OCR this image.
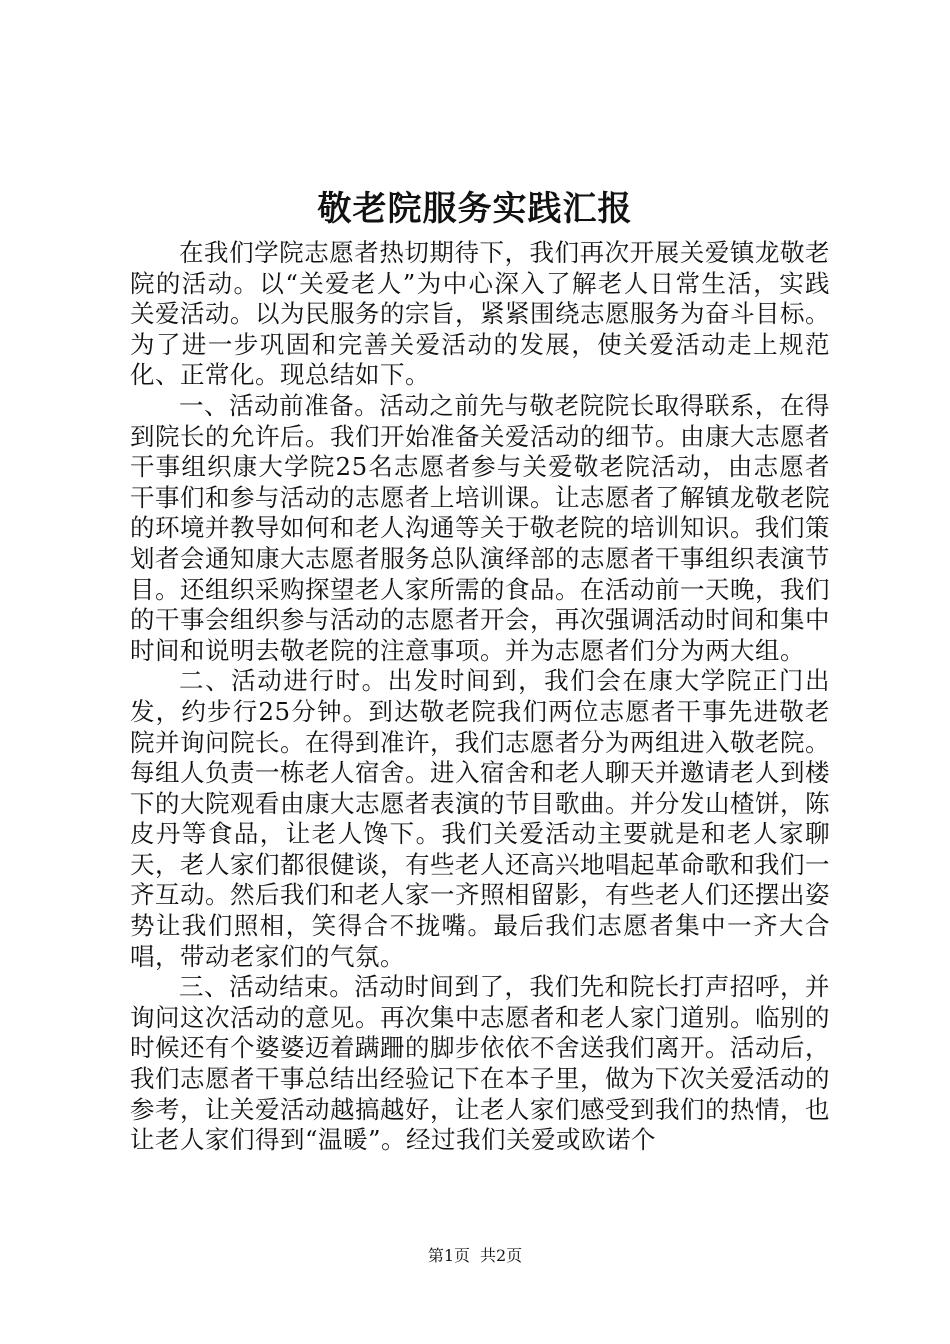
敬老院服务实践汇报

在我们学院志愿者热切期待下，我们再次开展关爱镇龙敬老院的活动。以“关爱老人”为中心深入了解老人日常生活，实践关爱活动。以为民服务的宗旨，紧紧围绕志愿服务为奋斗目标。为了进一步巩固和完善关爱活动的发展，使关爱活动走上规范化、正常化。现总结如下。

一、活动前准备。活动之前先与敬老院院长取得联系，在得到院长的允许后。我们开始准备关爱活动的细节。由康大志愿者干事组织康大学院25名志愿者参与关爱敬老院活动，由志愿者干事们和参与活动的志愿者上培训课。让志愿者了解镇龙敬老院的环境并教导如何和老人沟通等关于敬老院的培训知识。我们策划者会通知康大志愿者服务总队演绎部的志愿者干事组织表演节目。还组织采购探望老人家所需的食品。在活动前一天晚，我们的干事会组织参与活动的志愿者开会，再次强调活动时间和集中时间和说明去敬老院的注意事项。并为志愿者们分为两大组。

二、活动进行时。出发时间到，我们会在康大学院正门出发，约步行25分钟。到达敬老院我们两位志愿者干事先进敬老院并询问院长。在得到准许，我们志愿者分为两组进入敬老院。每组人负责一栋老人宿舍。进入宿舍和老人聊天并邀请老人到楼下的大院观看由康大志愿者表演的节目歌曲。并分发山楂饼，陈皮丹等食品，让老人馋下。我们关爱活动主要就是和老人家聊天，老人家们都很健谈，有些老人还高兴地唱起革命歌和我们一齐互动。然后我们和老人家一齐照相留影，有些老人们还摆出姿势让我们照相，笑得合不拢嘴。最后我们志愿者集中一齐大合唱，带动老家们的气氛。

三、活动结束。活动时间到了，我们先和院长打声招呼，并询问这次活动的意见。再次集中志愿者和老人家门道别。临别的时候还有个婆婆迈着蹒跚的脚步依依不舍送我们离开。活动后，我们志愿者干事总结出经验记下在本子里，做为下次关爱活动的参考，让关爱活动越搞越好，让老人家们感受到我们的热情，也让老人家们得到“温暖”。经过我们关爱或欧诺个

第1页 共2页
